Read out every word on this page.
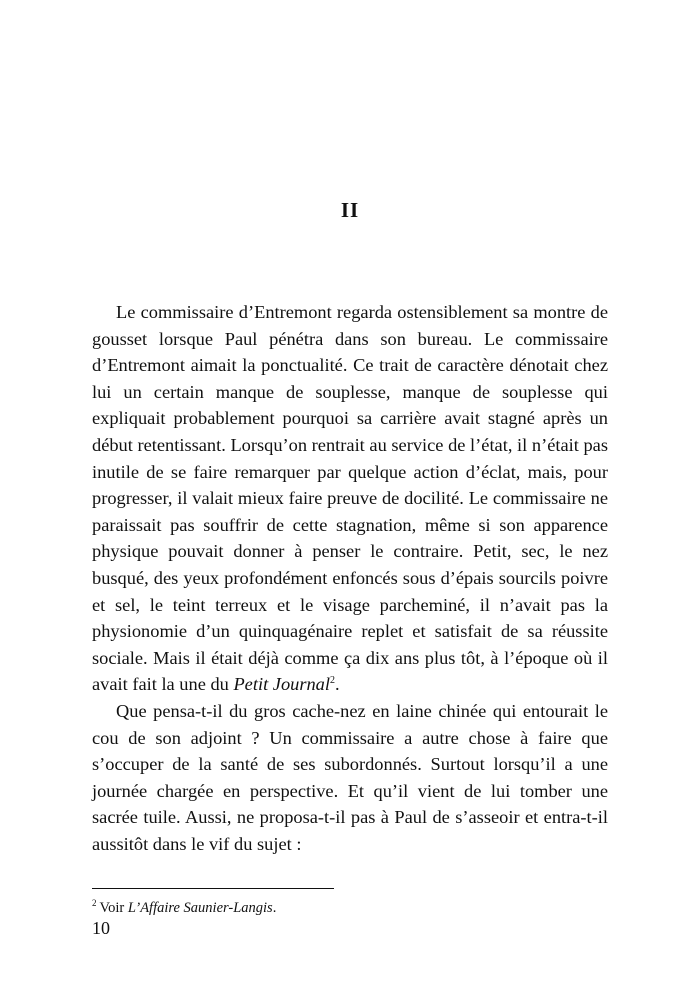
II

Le commissaire d’Entremont regarda ostensiblement sa montre de gousset lorsque Paul pénétra dans son bureau. Le commissaire d’Entremont aimait la ponctualité. Ce trait de caractère dénotait chez lui un certain manque de souplesse, manque de souplesse qui expliquait probablement pourquoi sa carrière avait stagné après un début retentissant. Lorsqu’on rentrait au service de l’état, il n’était pas inutile de se faire remarquer par quelque action d’éclat, mais, pour progresser, il valait mieux faire preuve de docilité. Le commissaire ne paraissait pas souffrir de cette stagnation, même si son apparence physique pouvait donner à penser le contraire. Petit, sec, le nez busqué, des yeux profondément enfoncés sous d’épais sourcils poivre et sel, le teint terreux et le visage parcheminé, il n’avait pas la physionomie d’un quinquagénaire replet et satisfait de sa réussite sociale. Mais il était déjà comme ça dix ans plus tôt, à l’époque où il avait fait la une du Petit Journal$^2$.

Que pensa-t-il du gros cache-nez en laine chinée qui entourait le cou de son adjoint ? Un commissaire a autre chose à faire que s’occuper de la santé de ses subordonnés. Surtout lorsqu’il a une journée chargée en perspective. Et qu’il vient de lui tomber une sacrée tuile. Aussi, ne proposa-t-il pas à Paul de s’asseoir et entra-t-il aussitôt dans le vif du sujet :

$^2$ Voir L’Affaire Saunier-Langis.
10
